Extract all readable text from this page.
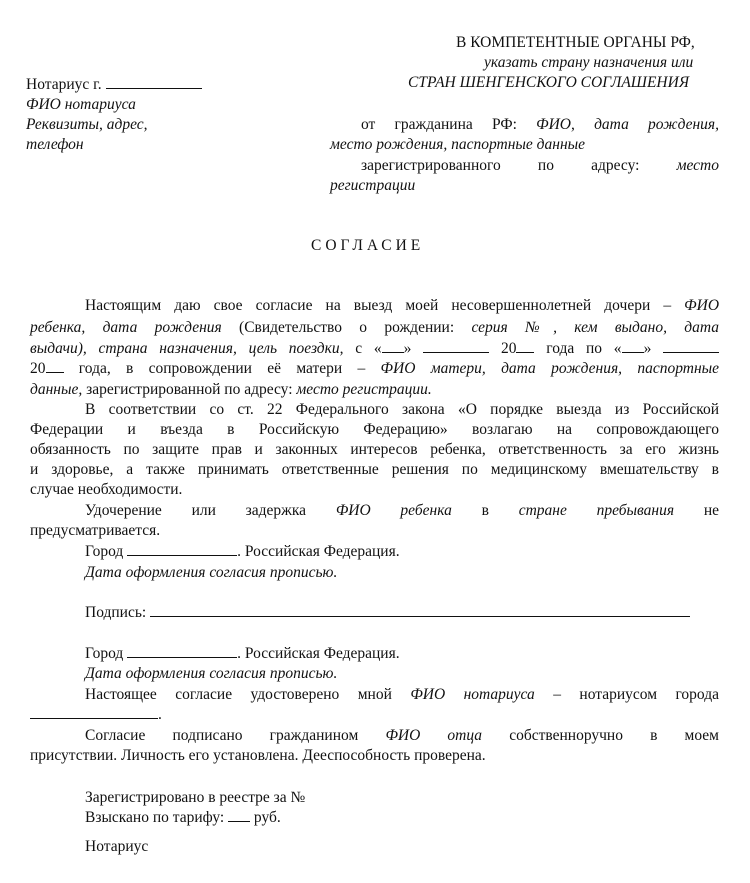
В КОМПЕТЕНТНЫЕ ОРГАНЫ РФ,
указать страну назначения или
СТРАН ШЕНГЕНСКОГО СОГЛАШЕНИЯ
Нотариус г.
ФИО нотариуса
Реквизиты, адрес,
телефон
от гражданина РФ: ФИО, дата рождения,
место рождения, паспортные данные
зарегистрированного по адресу: место
регистрации
СОГЛАСИЕ
Настоящим даю свое согласие на выезд моей несовершеннолетней дочери – ФИО
ребенка, дата рождения (Свидетельство о рождении: серия №, кем выдано, дата
выдачи), страна назначения, цель поездки, с « »	20 года по « »
20 года, в сопровождении её матери – ФИО матери, дата рождения, паспортные
данные, зарегистрированной по адресу: место регистрации.
В соответствии со ст. 22 Федерального закона «О порядке выезда из Российской
Федерации и въезда в Российскую Федерацию» возлагаю на сопровождающего
обязанность по защите прав и законных интересов ребенка, ответственность за его жизнь
и здоровье, а также принимать ответственные решения по медицинскому вмешательству в
случае необходимости.
Удочерение или задержка ФИО ребенка в стране пребывания не
предусматривается.
Город	. Российская Федерация.
Дата оформления согласия прописью.
Подпись:
Город	. Российская Федерация.
Дата оформления согласия прописью.
Настоящее согласие удостоверено мной ФИО нотариуса – нотариусом города
.
Согласие подписано гражданином ФИО отца собственноручно в моем
присутствии. Личность его установлена. Дееспособность проверена.
Зарегистрировано в реестре за №
Взыскано по тарифу: руб.
Нотариус
